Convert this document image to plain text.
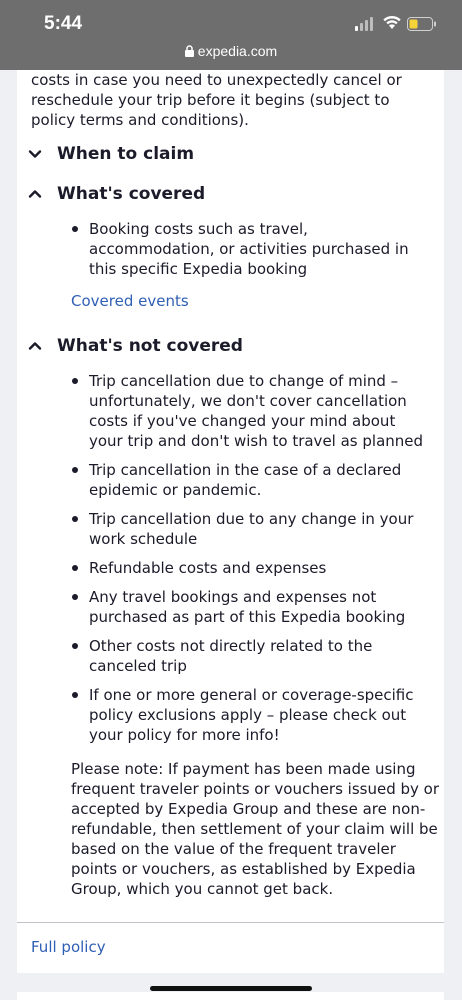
5:44
expedia.com

costs in case you need to unexpectedly cancel or reschedule your trip before it begins (subject to policy terms and conditions).

When to claim
What's covered
Booking costs such as travel, accommodation, or activities purchased in this specific Expedia booking
Covered events
What's not covered
Trip cancellation due to change of mind – unfortunately, we don't cover cancellation costs if you've changed your mind about your trip and don't wish to travel as planned
Trip cancellation in the case of a declared epidemic or pandemic.
Trip cancellation due to any change in your work schedule
Refundable costs and expenses
Any travel bookings and expenses not purchased as part of this Expedia booking
Other costs not directly related to the canceled trip
If one or more general or coverage-specific policy exclusions apply – please check out your policy for more info!

Please note: If payment has been made using frequent traveler points or vouchers issued by or accepted by Expedia Group and these are non-refundable, then settlement of your claim will be based on the value of the frequent traveler points or vouchers, as established by Expedia Group, which you cannot get back.

Full policy
